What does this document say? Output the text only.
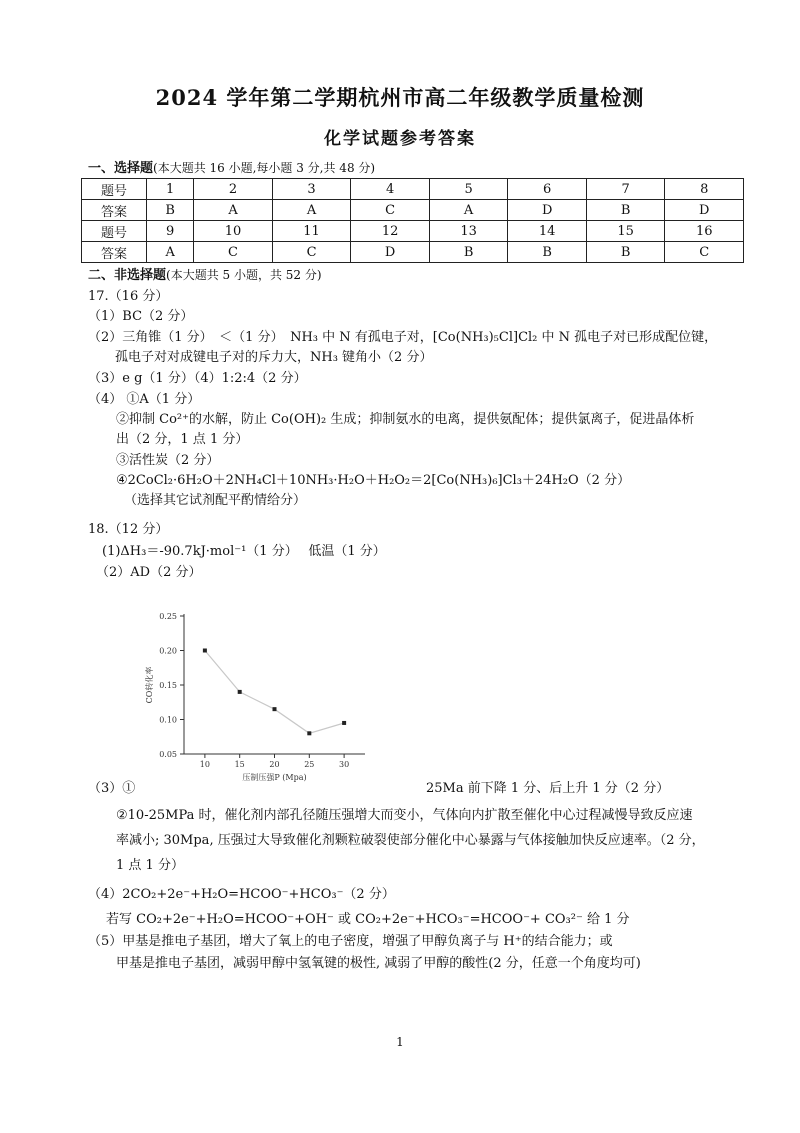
2024 学年第二学期杭州市高二年级教学质量检测
化学试题参考答案
一、选择题(本大题共 16 小题,每小题 3 分,共 48 分)
题号	1	2	3	4	5	6	7	8
答案	B	A	A	C	A	D	B	D
题号	9	10	11	12	13	14	15	16
答案	A	C	C	D	B	B	B	C
二、非选择题(本大题共 5 小题，共 52 分)
17.（16 分）
（1）BC（2 分）
（2）三角锥（1 分）　＜（1 分）　NH₃ 中 N 有孤电子对，[Co(NH₃)₅Cl]Cl₂ 中 N 孤电子对已形成配位键，
孤电子对对成键电子对的斥力大，NH₃ 键角小（2 分）
（3）e g（1 分）（4）1:2:4（2 分）
（4） ①A（1 分）
②抑制 Co²⁺的水解，防止 Co(OH)₂ 生成；抑制氨水的电离，提供氨配体；提供氯离子，促进晶体析
出（2 分，1 点 1 分）
③活性炭（2 分）
④2CoCl₂·6H₂O＋2NH₄Cl＋10NH₃·H₂O＋H₂O₂＝2[Co(NH₃)₆]Cl₃＋24H₂O（2 分）
（选择其它试剂配平酌情给分）
18.（12 分）
(1)ΔH₃＝-90.7kJ·mol⁻¹（1 分）　 低温（1 分）
（2）AD（2 分）
0.05
0.10
0.15
0.20
0.25
10	15	20	25	30
压制压强P (Mpa)
CO转化率
（3）①	25Ma 前下降 1 分、后上升 1 分（2 分）
②10-25MPa 时，催化剂内部孔径随压强增大而变小，气体向内扩散至催化中心过程减慢导致反应速
率减小; 30Mpa, 压强过大导致催化剂颗粒破裂使部分催化中心暴露与气体接触加快反应速率。（2 分，
1 点 1 分）
（4）2CO₂+2e⁻+H₂O=HCOO⁻+HCO₃⁻（2 分）
若写 CO₂+2e⁻+H₂O=HCOO⁻+OH⁻ 或 CO₂+2e⁻+HCO₃⁻=HCOO⁻+ CO₃²⁻ 给 1 分
（5）甲基是推电子基团，增大了氧上的电子密度，增强了甲醇负离子与 H⁺的结合能力；或
甲基是推电子基团，减弱甲醇中氢氧键的极性, 减弱了甲醇的酸性(2 分，任意一个角度均可)
1
